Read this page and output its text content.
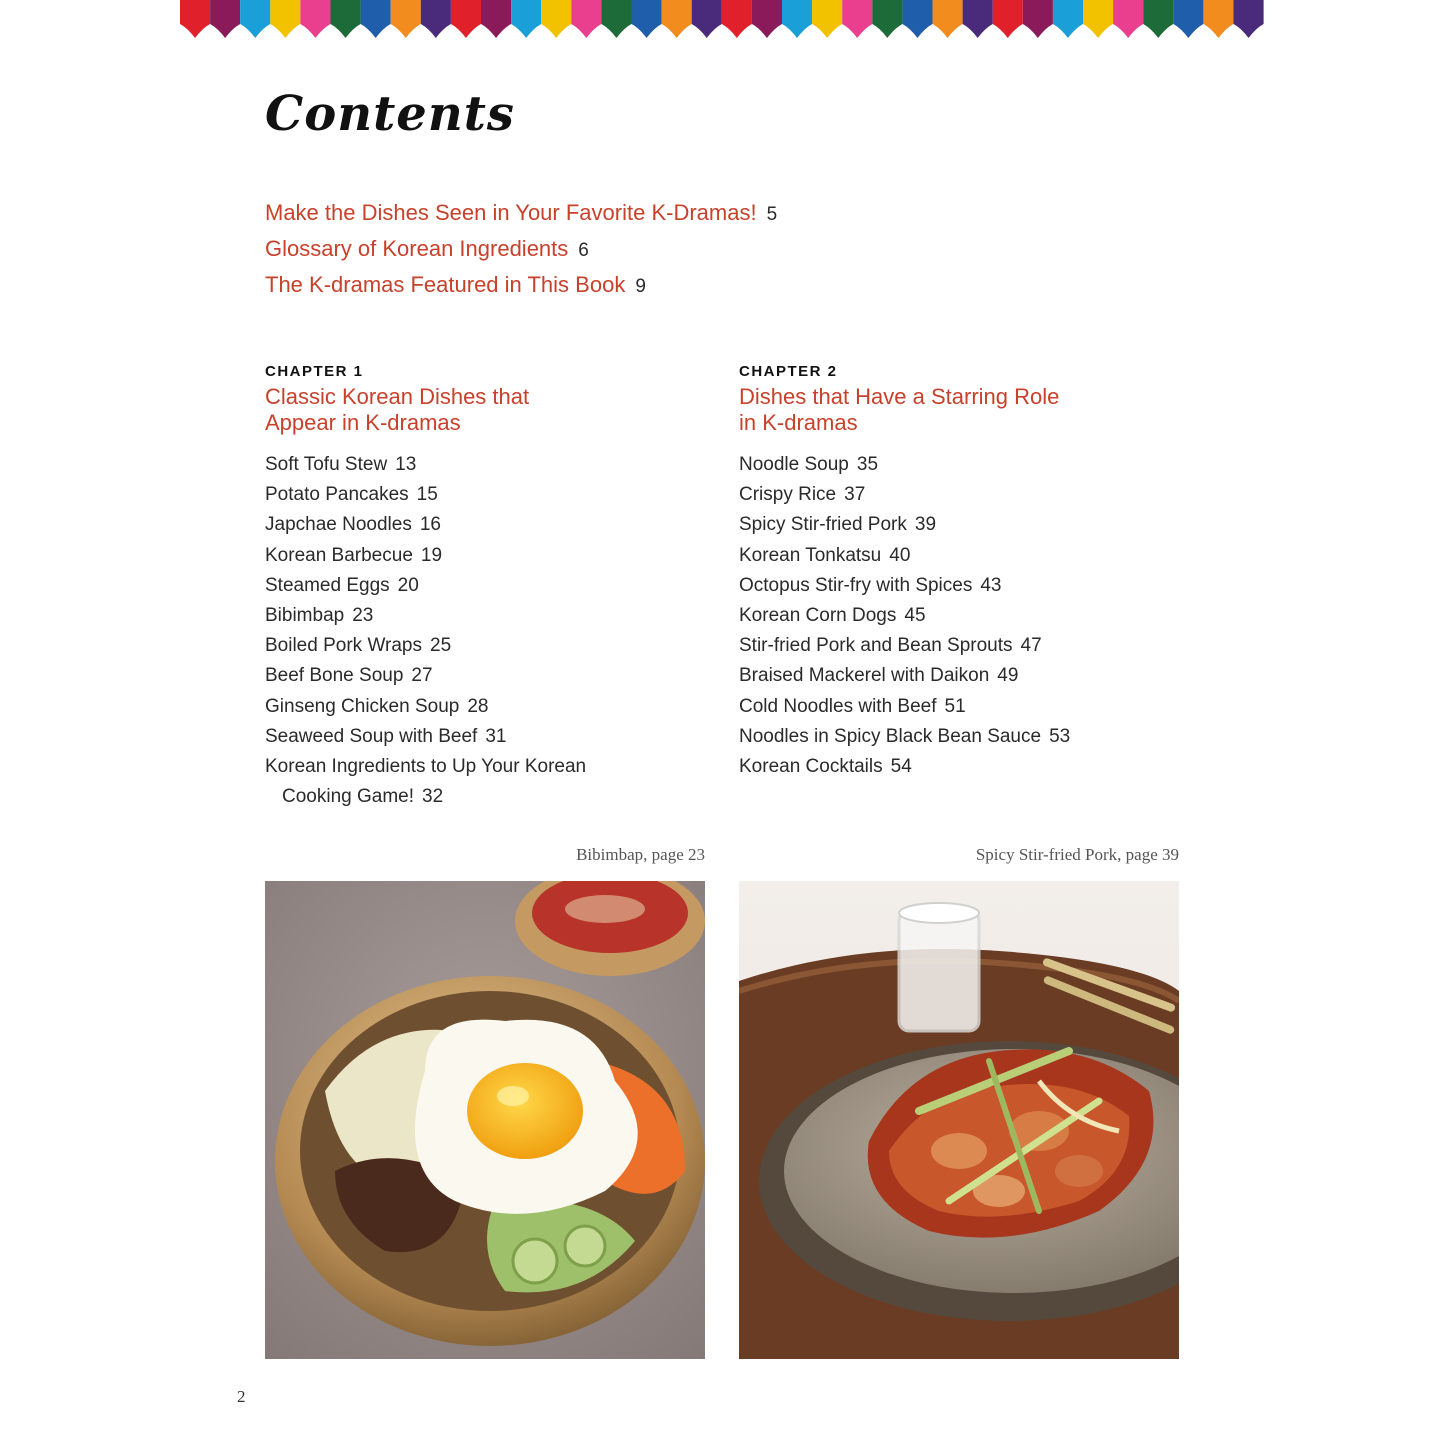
Contents
Make the Dishes Seen in Your Favorite K-Dramas! 5
Glossary of Korean Ingredients 6
The K-dramas Featured in This Book 9
CHAPTER 1
Classic Korean Dishes that
Appear in K-dramas
Soft Tofu Stew 13
Potato Pancakes 15
Japchae Noodles 16
Korean Barbecue 19
Steamed Eggs 20
Bibimbap 23
Boiled Pork Wraps 25
Beef Bone Soup 27
Ginseng Chicken Soup 28
Seaweed Soup with Beef 31
Korean Ingredients to Up Your Korean
Cooking Game! 32
CHAPTER 2
Dishes that Have a Starring Role
in K-dramas
Noodle Soup 35
Crispy Rice 37
Spicy Stir-fried Pork 39
Korean Tonkatsu 40
Octopus Stir-fry with Spices 43
Korean Corn Dogs 45
Stir-fried Pork and Bean Sprouts 47
Braised Mackerel with Daikon 49
Cold Noodles with Beef 51
Noodles in Spicy Black Bean Sauce 53
Korean Cocktails 54
Bibimbap, page 23	Spicy Stir-fried Pork, page 39
2
